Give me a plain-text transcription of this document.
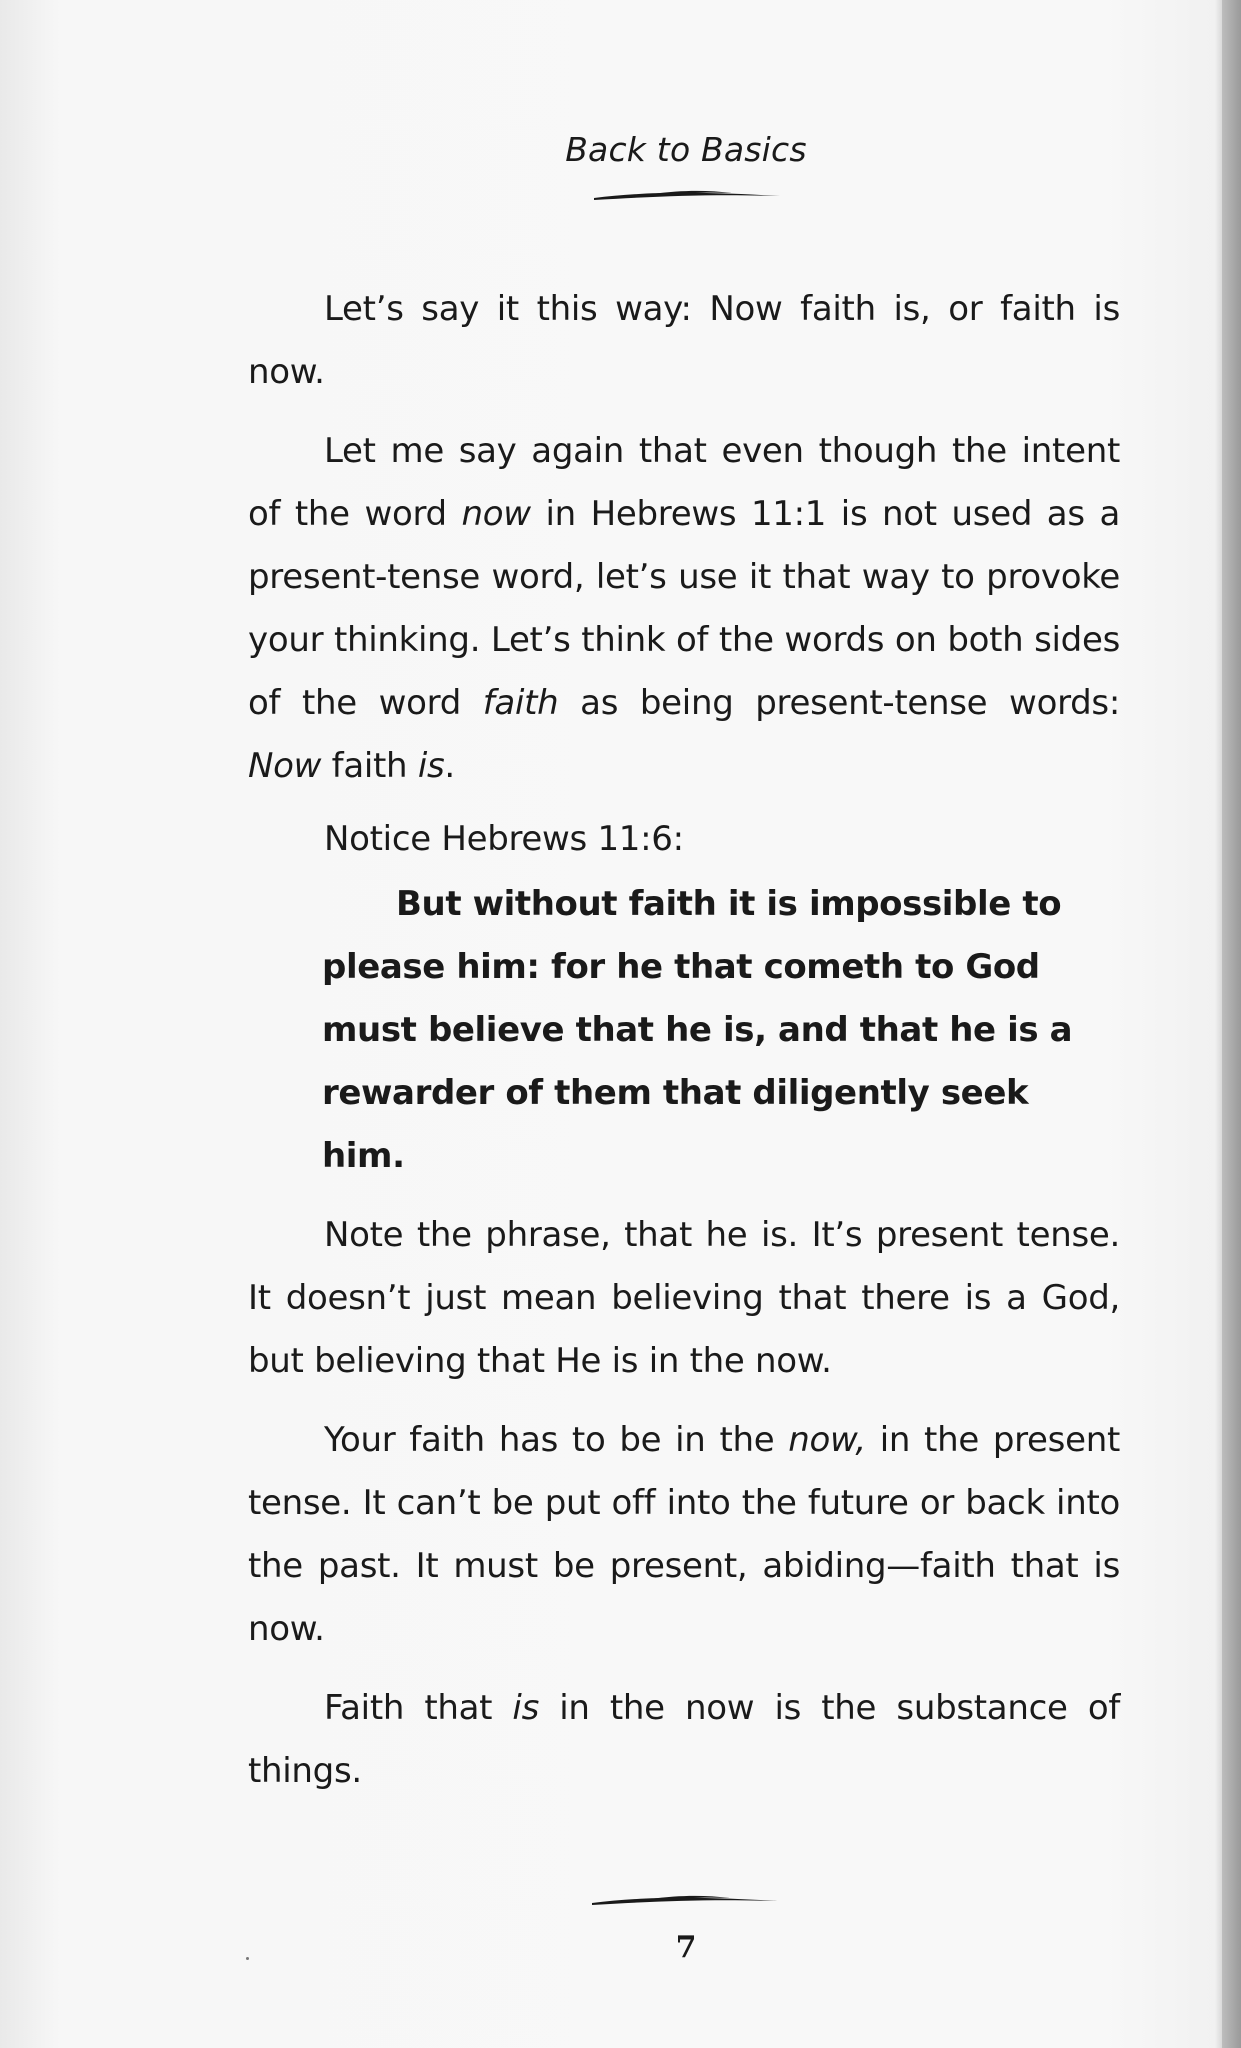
Back to Basics

Let’s say it this way: Now faith is, or faith is now.

Let me say again that even though the intent of the word now in Hebrews 11:1 is not used as a present-tense word, let’s use it that way to provoke your thinking. Let’s think of the words on both sides of the word faith as being present-tense words: Now faith is.

Notice Hebrews 11:6:

But without faith it is impossible to please him: for he that cometh to God must believe that he is, and that he is a rewarder of them that diligently seek him.

Note the phrase, that he is. It’s present tense. It doesn’t just mean believing that there is a God, but believing that He is in the now.

Your faith has to be in the now, in the present tense. It can’t be put off into the future or back into the past. It must be present, abiding—faith that is now.

Faith that is in the now is the substance of things.

7
